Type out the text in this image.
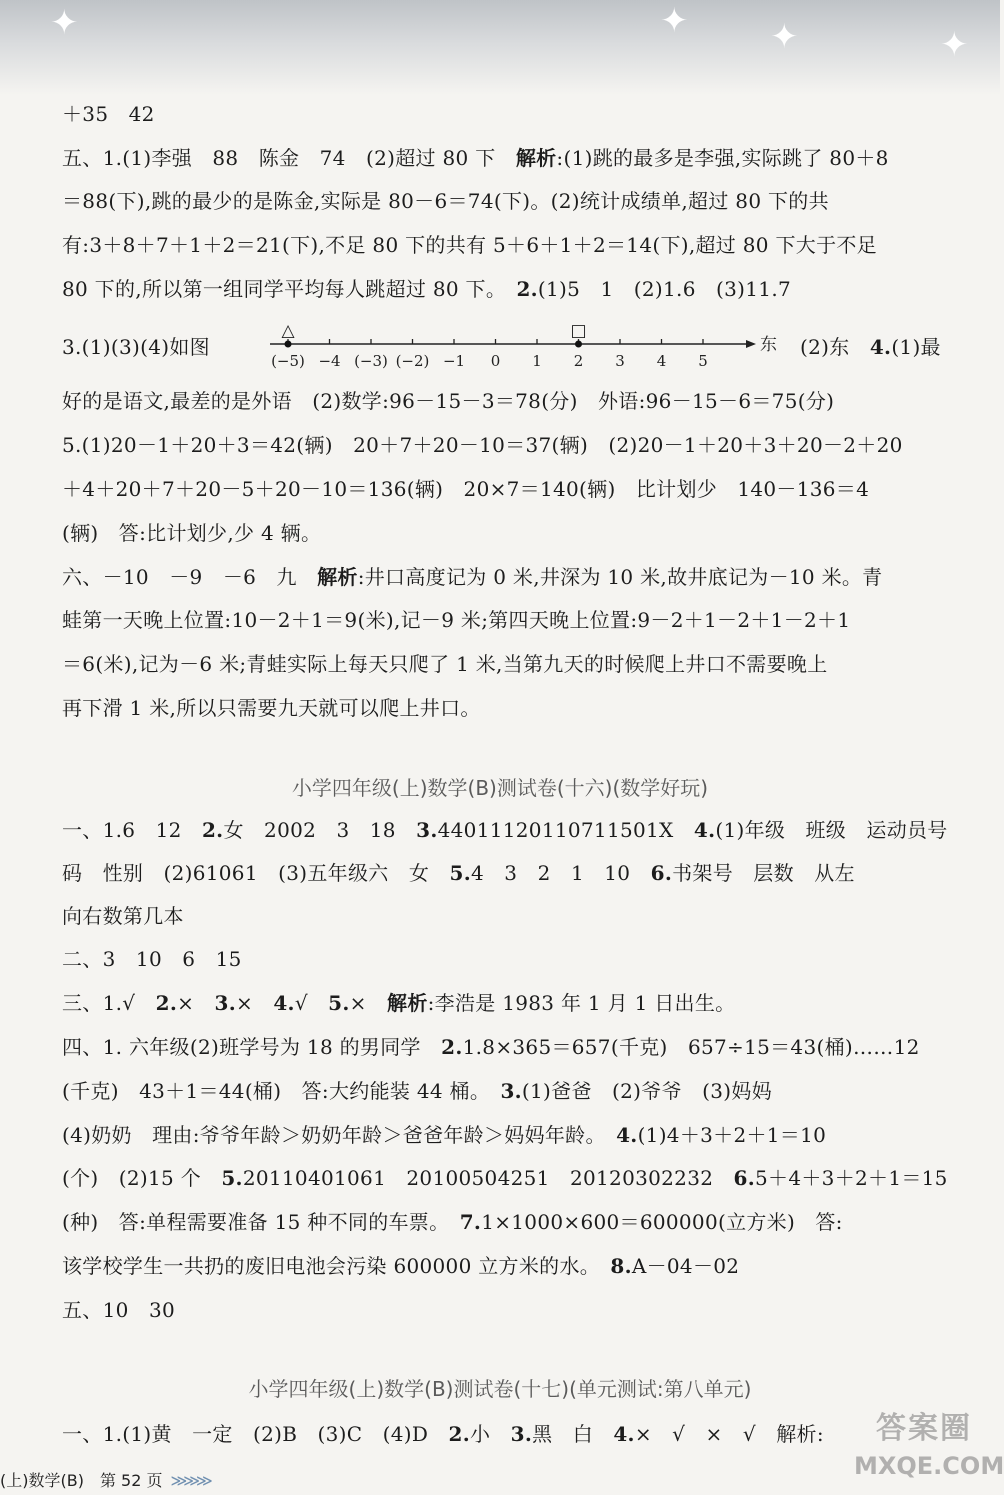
✦	✦ ✦	✦

＋35　42

五、1.(1)李强　88　陈金　74　(2)超过 80 下　解析:(1)跳的最多是李强,实际跳了 80＋8

＝88(下),跳的最少的是陈金,实际是 80－6＝74(下)。(2)统计成绩单,超过 80 下的共

有:3＋8＋7＋1＋2＝21(下),不足 80 下的共有 5＋6＋1＋2＝14(下),超过 80 下大于不足

80 下的,所以第一组同学平均每人跳超过 80 下。　2.(1)5　1　(2)1.6　(3)11.7

3.(1)(3)(4)如图	东
(−5) −4 (−3) (−2) −1 0 1 2 3 4 5
△	□

(2)东　4.(1)最

好的是语文,最差的是外语　(2)数学:96－15－3＝78(分)　外语:96－15－6＝75(分)

5.(1)20－1＋20＋3＝42(辆)　20＋7＋20－10＝37(辆)　(2)20－1＋20＋3＋20－2＋20

＋4＋20＋7＋20－5＋20－10＝136(辆)　20×7＝140(辆)　比计划少　140－136＝4

(辆)　答:比计划少,少 4 辆。

六、－10　－9　－6　九　解析:井口高度记为 0 米,井深为 10 米,故井底记为－10 米。青

蛙第一天晚上位置:10－2＋1＝9(米),记－9 米;第四天晚上位置:9－2＋1－2＋1－2＋1

＝6(米),记为－6 米;青蛙实际上每天只爬了 1 米,当第九天的时候爬上井口不需要晚上

再下滑 1 米,所以只需要九天就可以爬上井口。

小学四年级(上)数学(B)测试卷(十六)(数学好玩)

一、1.6　12　2.女　2002　3　18　3.44011120110711501X　4.(1)年级　班级　运动员号

码　性别　(2)61061　(3)五年级六　女　5.4　3　2　1　10　6.书架号　层数　从左

向右数第几本

二、3　10　6　15

三、1.√　2.×　3.×　4.√　5.×　解析:李浩是 1983 年 1 月 1 日出生。

四、1. 六年级(2)班学号为 18 的男同学　2.1.8×365＝657(千克)　657÷15＝43(桶)……12

(千克)　43＋1＝44(桶)　答:大约能装 44 桶。　3.(1)爸爸　(2)爷爷　(3)妈妈

(4)奶奶　理由:爷爷年龄＞奶奶年龄＞爸爸年龄＞妈妈年龄。　4.(1)4＋3＋2＋1＝10

(个)　(2)15 个　5.20110401061　20100504251　20120302232　6.5＋4＋3＋2＋1＝15

(种)　答:单程需要准备 15 种不同的车票。　7.1×1000×600＝600000(立方米)　答:

该学校学生一共扔的废旧电池会污染 600000 立方米的水。　8.A－04－02

五、10　30

小学四年级(上)数学(B)测试卷(十七)(单元测试:第八单元)

一、1.(1)黄　一定　(2)B　(3)C　(4)D　2.小　3.黑　白　4.×　√　×　√　解析:

(上)数学(B)　第 52 页 ≫≫≫
答案圈
MXQE.COM
